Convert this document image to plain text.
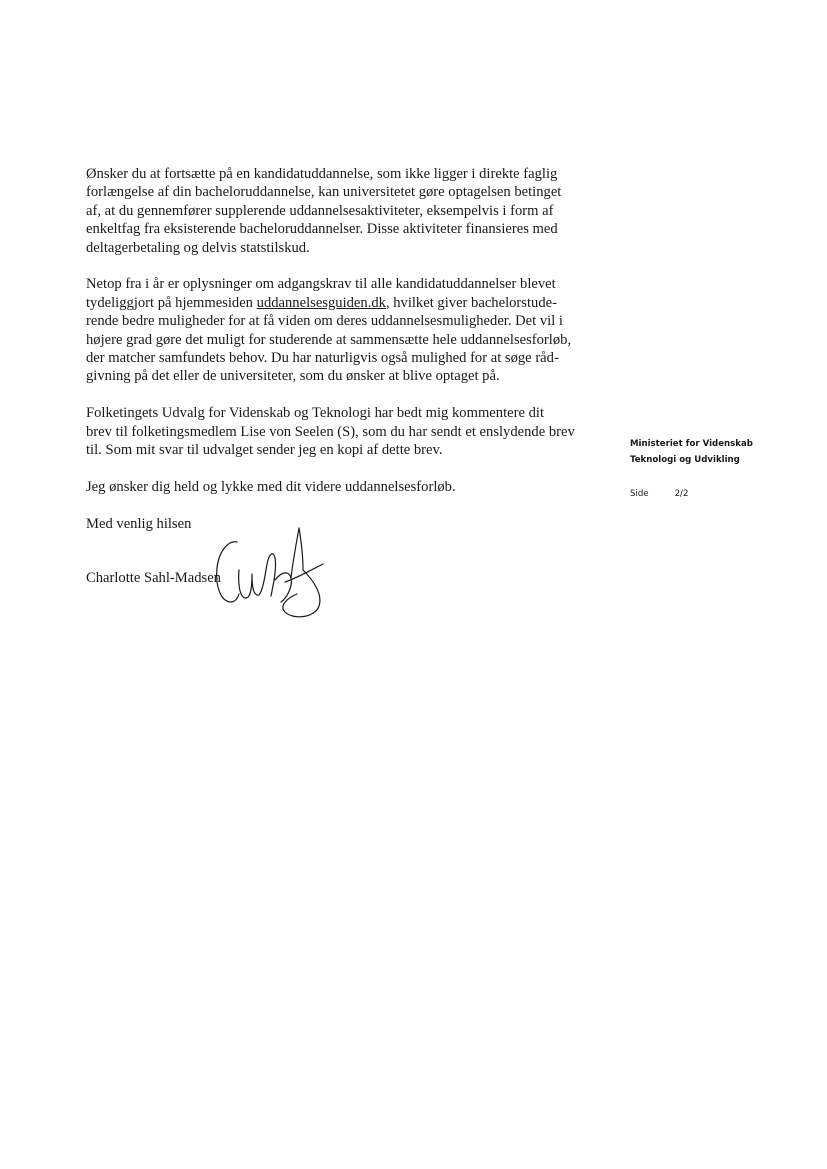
Ønsker du at fortsætte på en kandidatuddannelse, som ikke ligger i direkte faglig
forlængelse af din bacheloruddannelse, kan universitetet gøre optagelsen betinget
af, at du gennemfører supplerende uddannelsesaktiviteter, eksempelvis i form af
enkeltfag fra eksisterende bacheloruddannelser. Disse aktiviteter finansieres med
deltagerbetaling og delvis statstilskud.

Netop fra i år er oplysninger om adgangskrav til alle kandidatuddannelser blevet
tydeliggjort på hjemmesiden uddannelsesguiden.dk, hvilket giver bachelorstude-
rende bedre muligheder for at få viden om deres uddannelsesmuligheder. Det vil i
højere grad gøre det muligt for studerende at sammensætte hele uddannelsesforløb,
der matcher samfundets behov. Du har naturligvis også mulighed for at søge råd-
givning på det eller de universiteter, som du ønsker at blive optaget på.

Folketingets Udvalg for Videnskab og Teknologi har bedt mig kommentere dit
brev til folketingsmedlem Lise von Seelen (S), som du har sendt et enslydende brev
til. Som mit svar til udvalget sender jeg en kopi af dette brev.

Jeg ønsker dig held og lykke med dit videre uddannelsesforløb.

Med venlig hilsen
Charlotte Sahl-Madsen
Ministeriet for Videnskab
Teknologi og Udvikling
Side	2/2
